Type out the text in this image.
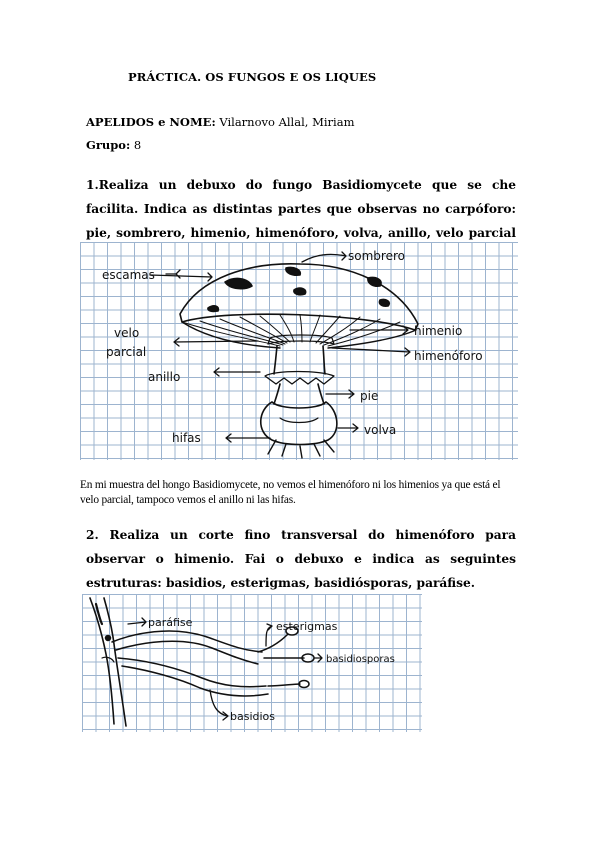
PRÁCTICA. OS FUNGOS E OS LIQUES
APELIDOS e NOME: Vilarnovo Allal, Miriam
Grupo: 8
1.Realiza un debuxo do fungo Basidiomycete que se che facilita. Indica as distintas partes que observas no carpóforo: pie, sombrero, himenio, himenóforo, volva, anillo, velo parcial
escamas
sombrero
velo
parcial
anillo
himenio
himenóforo
pie
volva
hifas
En mi muestra del hongo Basidiomycete, no vemos el himenóforo ni los himenios ya que está el velo parcial, tampoco vemos el anillo ni las hifas.
2. Realiza un corte fino transversal do himenóforo para observar o himenio. Fai o debuxo e indica as seguintes estruturas: basidios, esterigmas, basidiósporas, paráfise.
paráfise	esterigmas
basidiosporas
basidios
